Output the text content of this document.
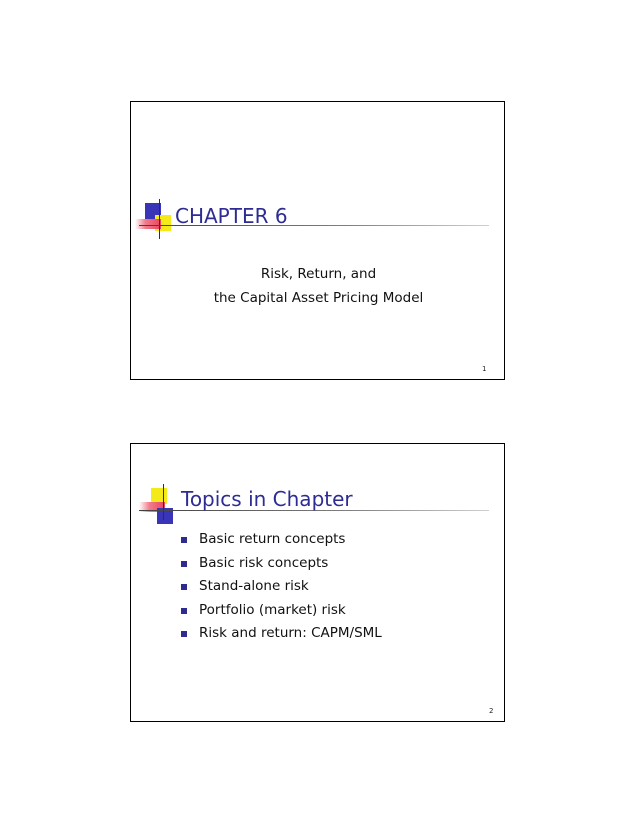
CHAPTER 6
Risk, Return, and
the Capital Asset Pricing Model
1
Topics in Chapter
Basic return concepts
Basic risk concepts
Stand-alone risk
Portfolio (market) risk
Risk and return: CAPM/SML
2
